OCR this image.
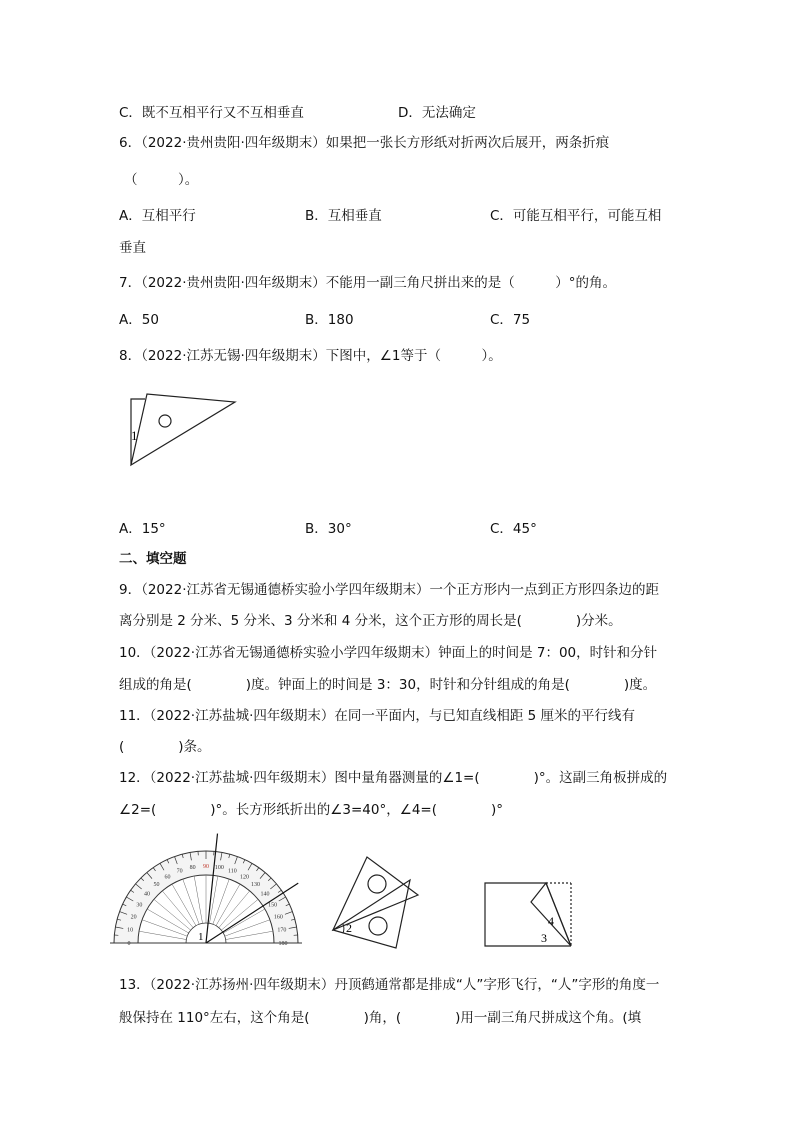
C．既不互相平行又不互相垂直	D．无法确定
6．（2022·贵州贵阳·四年级期末）如果把一张长方形纸对折两次后展开，两条折痕
（　　　）。
A．互相平行	B．互相垂直	C．可能互相平行，可能互相
垂直
7．（2022·贵州贵阳·四年级期末）不能用一副三角尺拼出来的是（　　　）°的角。
A．50	B．180	C．75
8．（2022·江苏无锡·四年级期末）下图中，∠1等于（　　　）。
1
A．15°	B．30°	C．45°
二、填空题
9．（2022·江苏省无锡通德桥实验小学四年级期末）一个正方形内一点到正方形四条边的距
离分别是 2 分米、5 分米、3 分米和 4 分米，这个正方形的周长是(　　　　)分米。
10．（2022·江苏省无锡通德桥实验小学四年级期末）钟面上的时间是 7：00，时针和分针
组成的角是(　　　　)度。钟面上的时间是 3：30，时针和分针组成的角是(　　　　)度。
11．（2022·江苏盐城·四年级期末）在同一平面内，与已知直线相距 5 厘米的平行线有
(　　　　)条。
12．（2022·江苏盐城·四年级期末）图中量角器测量的∠1=(　　　　)°。这副三角板拼成的
∠2=(　　　　)°。长方形纸折出的∠3=40°，∠4=(　　　　)°
0
10
20
30
40
50
60
70
80 90 100
110
120
130
140
150
160
170
180
1
2	4
3
13．（2022·江苏扬州·四年级期末）丹顶鹤通常都是排成“人”字形飞行，“人”字形的角度一
般保持在 110°左右，这个角是(　　　　)角，(　　　　)用一副三角尺拼成这个角。(填
